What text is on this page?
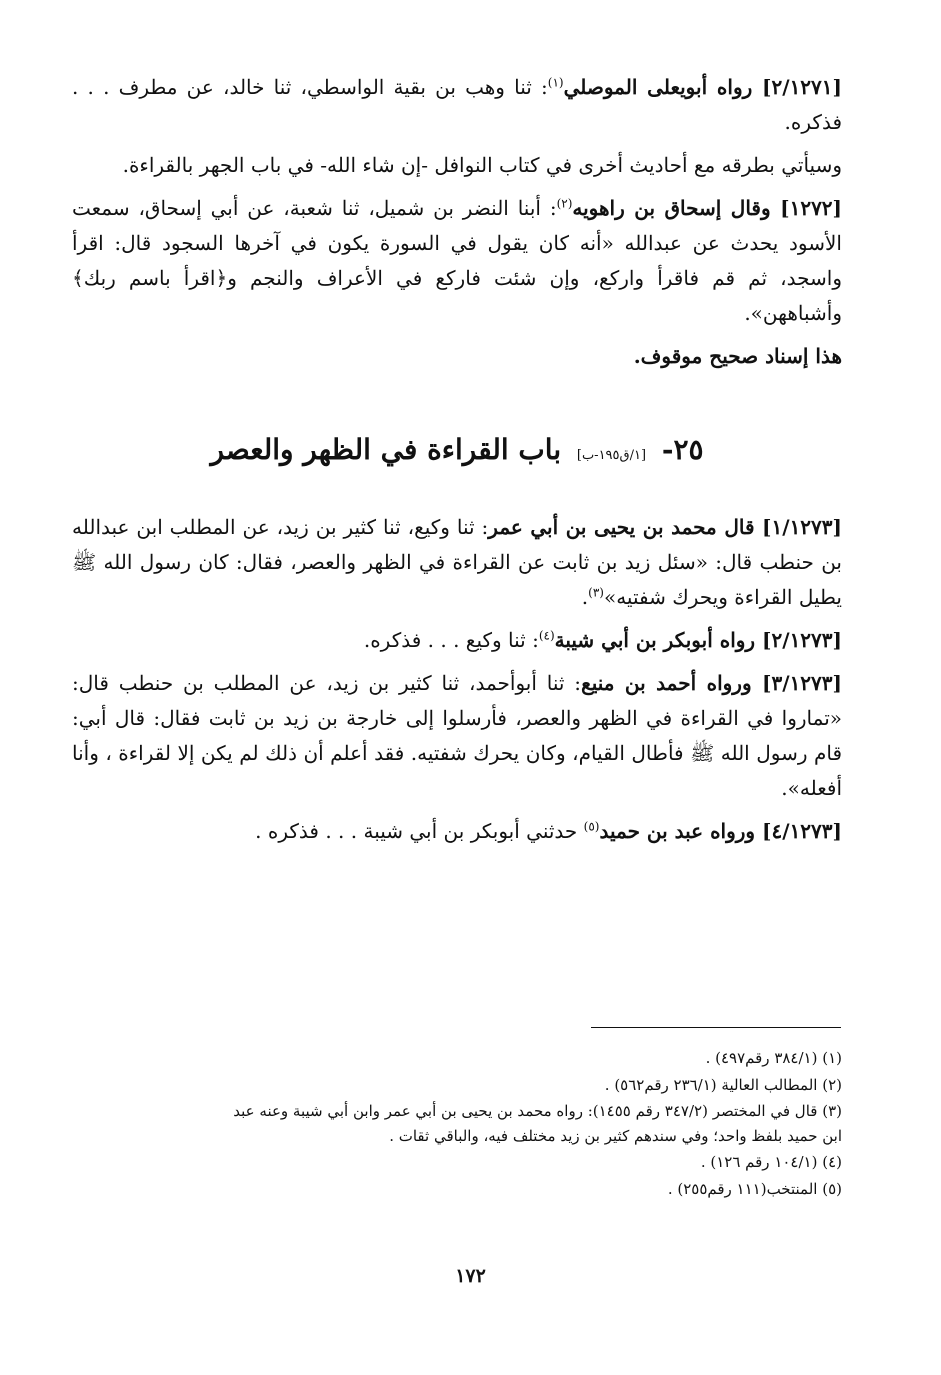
[٢/١٢٧١] رواه أبويعلى الموصلي$^{(١)}$: ثنا وهب بن بقية الواسطي، ثنا خالد، عن مطرف . . . فذكره.

وسيأتي بطرقه مع أحاديث أخرى في كتاب النوافل -إن شاء الله- في باب الجهر بالقراءة.

[١٢٧٢] وقال إسحاق بن راهويه$^{(٢)}$: أبنا النضر بن شميل، ثنا شعبة، عن أبي إسحاق، سمعت الأسود يحدث عن عبدالله «أنه كان يقول في السورة يكون في آخرها السجود قال: اقرأ واسجد، ثم قم فاقرأ واركع، وإن شئت فاركع في الأعراف والنجم و﴿اقرأ باسم ربك﴾ وأشباههن».

هذا إسناد صحيح موقوف.

٢٥- [١/ق١٩٥-ب] باب القراءة في الظهر والعصر

[١/١٢٧٣] قال محمد بن يحيى بن أبي عمر: ثنا وكيع، ثنا كثير بن زيد، عن المطلب ابن عبدالله بن حنطب قال: «سئل زيد بن ثابت عن القراءة في الظهر والعصر، فقال: كان رسول الله ﷺ يطيل القراءة ويحرك شفتيه»$^{(٣)}$.

[٢/١٢٧٣] رواه أبوبكر بن أبي شيبة$^{(٤)}$: ثنا وكيع . . . فذكره.

[٣/١٢٧٣] ورواه أحمد بن منيع: ثنا أبوأحمد، ثنا كثير بن زيد، عن المطلب بن حنطب قال: «تماروا في القراءة في الظهر والعصر، فأرسلوا إلى خارجة بن زيد بن ثابت فقال: قال أبي: قام رسول الله ﷺ فأطال القيام، وكان يحرك شفتيه. فقد أعلم أن ذلك لم يكن إلا لقراءة ، وأنا أفعله».

[٤/١٢٧٣] ورواه عبد بن حميد$^{(٥)}$ حدثني أبوبكر بن أبي شيبة . . . فذكره .

(١) (٣٨٤/١ رقم٤٩٧) .

(٢) المطالب العالية (٢٣٦/١ رقم٥٦٢) .

(٣) قال في المختصر (٣٤٧/٢ رقم ١٤٥٥): رواه محمد بن يحيى بن أبي عمر وابن أبي شيبة وعنه عبد

ابن حميد بلفظ واحد؛ وفي سندهم كثير بن زيد مختلف فيه، والباقي ثقات .

(٤) (١٠٤/١ رقم ١٢٦) .

(٥) المنتخب(١١١ رقم٢٥٥) .

١٧٢
